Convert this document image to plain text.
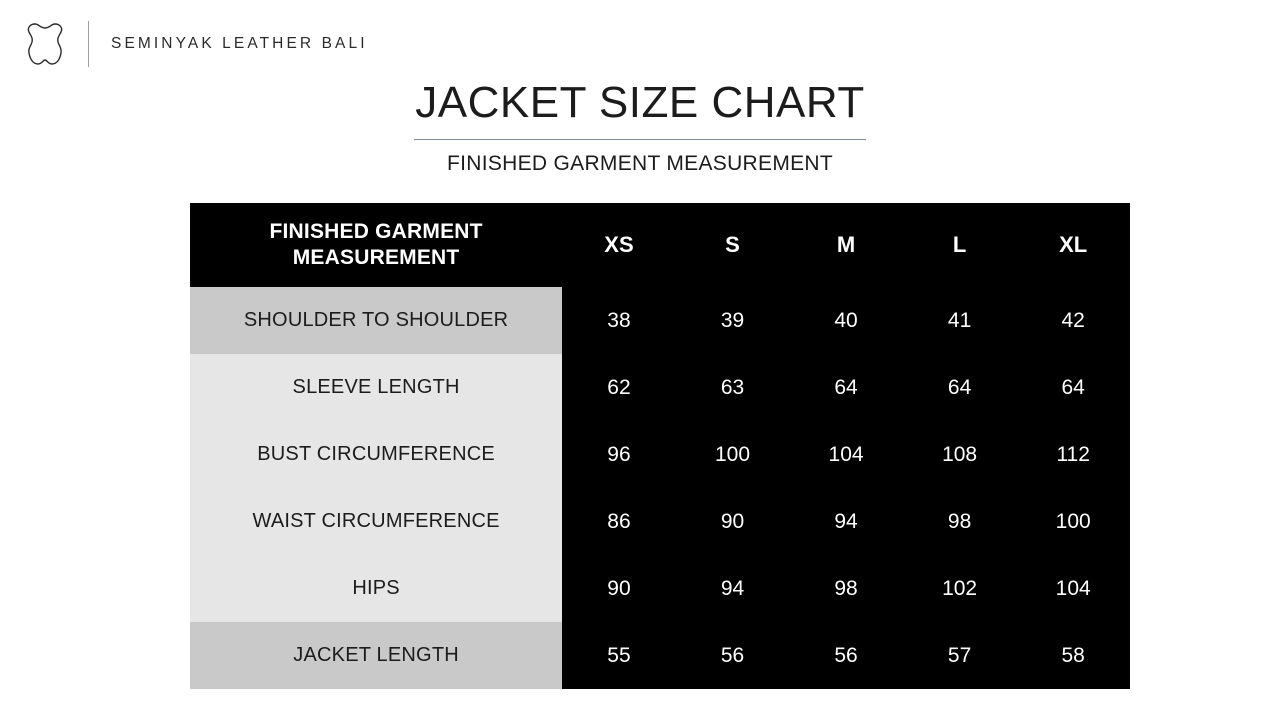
SEMINYAK LEATHER BALI
JACKET SIZE CHART
FINISHED GARMENT MEASUREMENT
FINISHED GARMENT MEASUREMENT	XS	S	M	L	XL
SHOULDER TO SHOULDER	38	39	40	41	42
SLEEVE LENGTH	62	63	64	64	64
BUST CIRCUMFERENCE	96	100	104	108	112
WAIST CIRCUMFERENCE	86	90	94	98	100
HIPS	90	94	98	102	104
JACKET LENGTH	55	56	56	57	58
